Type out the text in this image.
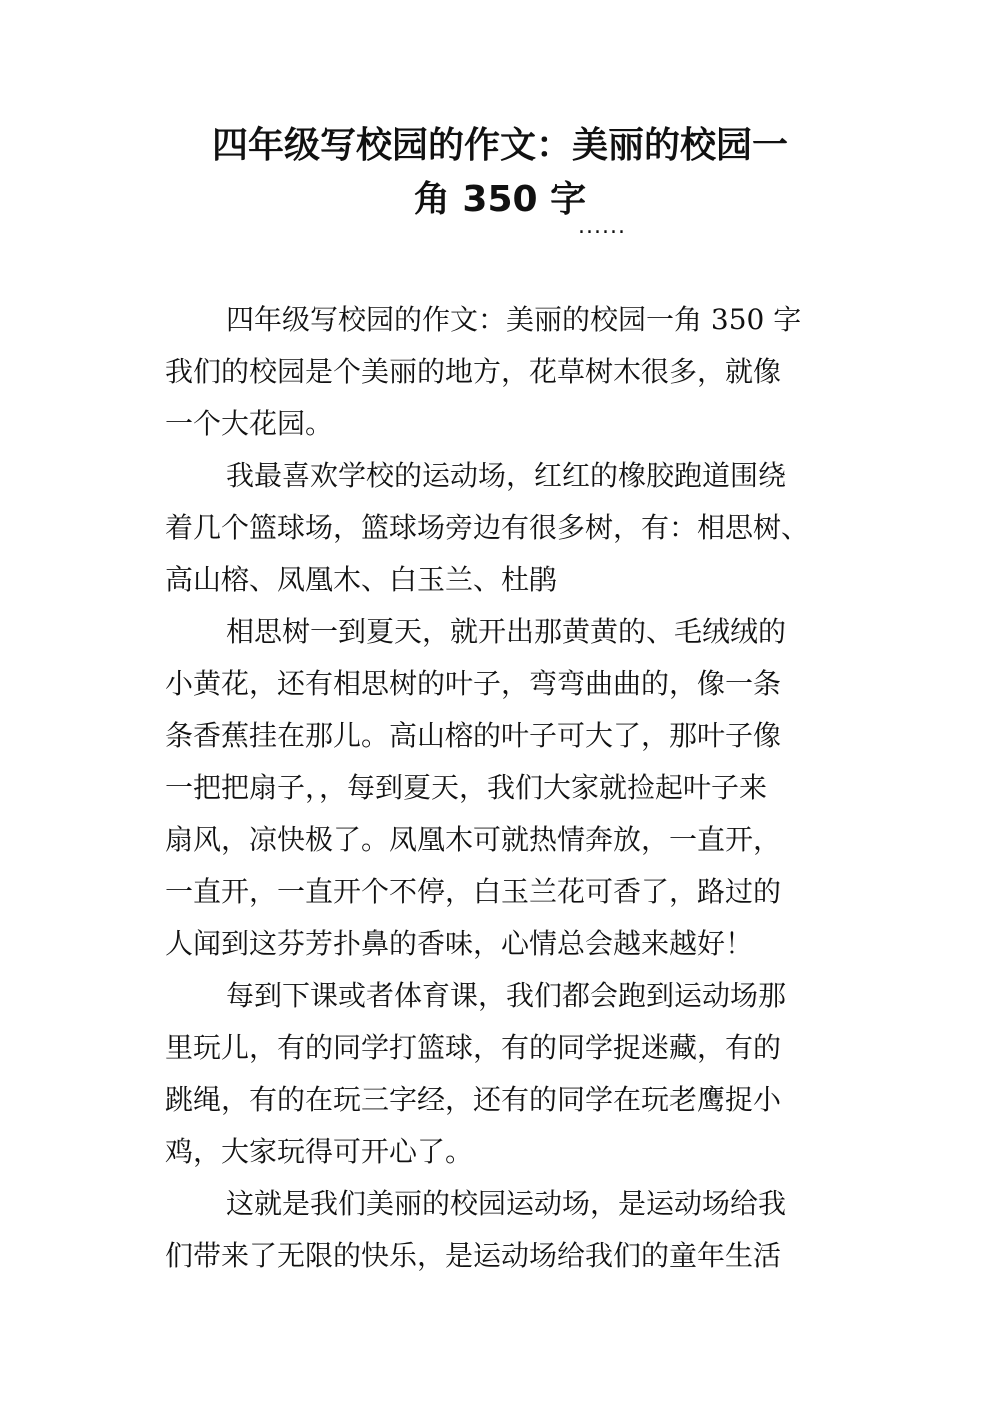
四年级写校园的作文：美丽的校园一
角 350 字
......
四年级写校园的作文：美丽的校园一角 350 字
我们的校园是个美丽的地方，花草树木很多，就像
一个大花园。
我最喜欢学校的运动场，红红的橡胶跑道围绕
着几个篮球场，篮球场旁边有很多树，有：相思树、
高山榕、凤凰木、白玉兰、杜鹃
相思树一到夏天，就开出那黄黄的、毛绒绒的
小黄花，还有相思树的叶子，弯弯曲曲的，像一条
条香蕉挂在那儿。高山榕的叶子可大了，那叶子像
一把把扇子，，每到夏天，我们大家就捡起叶子来
扇风，凉快极了。凤凰木可就热情奔放，一直开，
一直开，一直开个不停，白玉兰花可香了，路过的
人闻到这芬芳扑鼻的香味，心情总会越来越好！
每到下课或者体育课，我们都会跑到运动场那
里玩儿，有的同学打篮球，有的同学捉迷藏，有的
跳绳，有的在玩三字经，还有的同学在玩老鹰捉小
鸡，大家玩得可开心了。
这就是我们美丽的校园运动场，是运动场给我
们带来了无限的快乐，是运动场给我们的童年生活
